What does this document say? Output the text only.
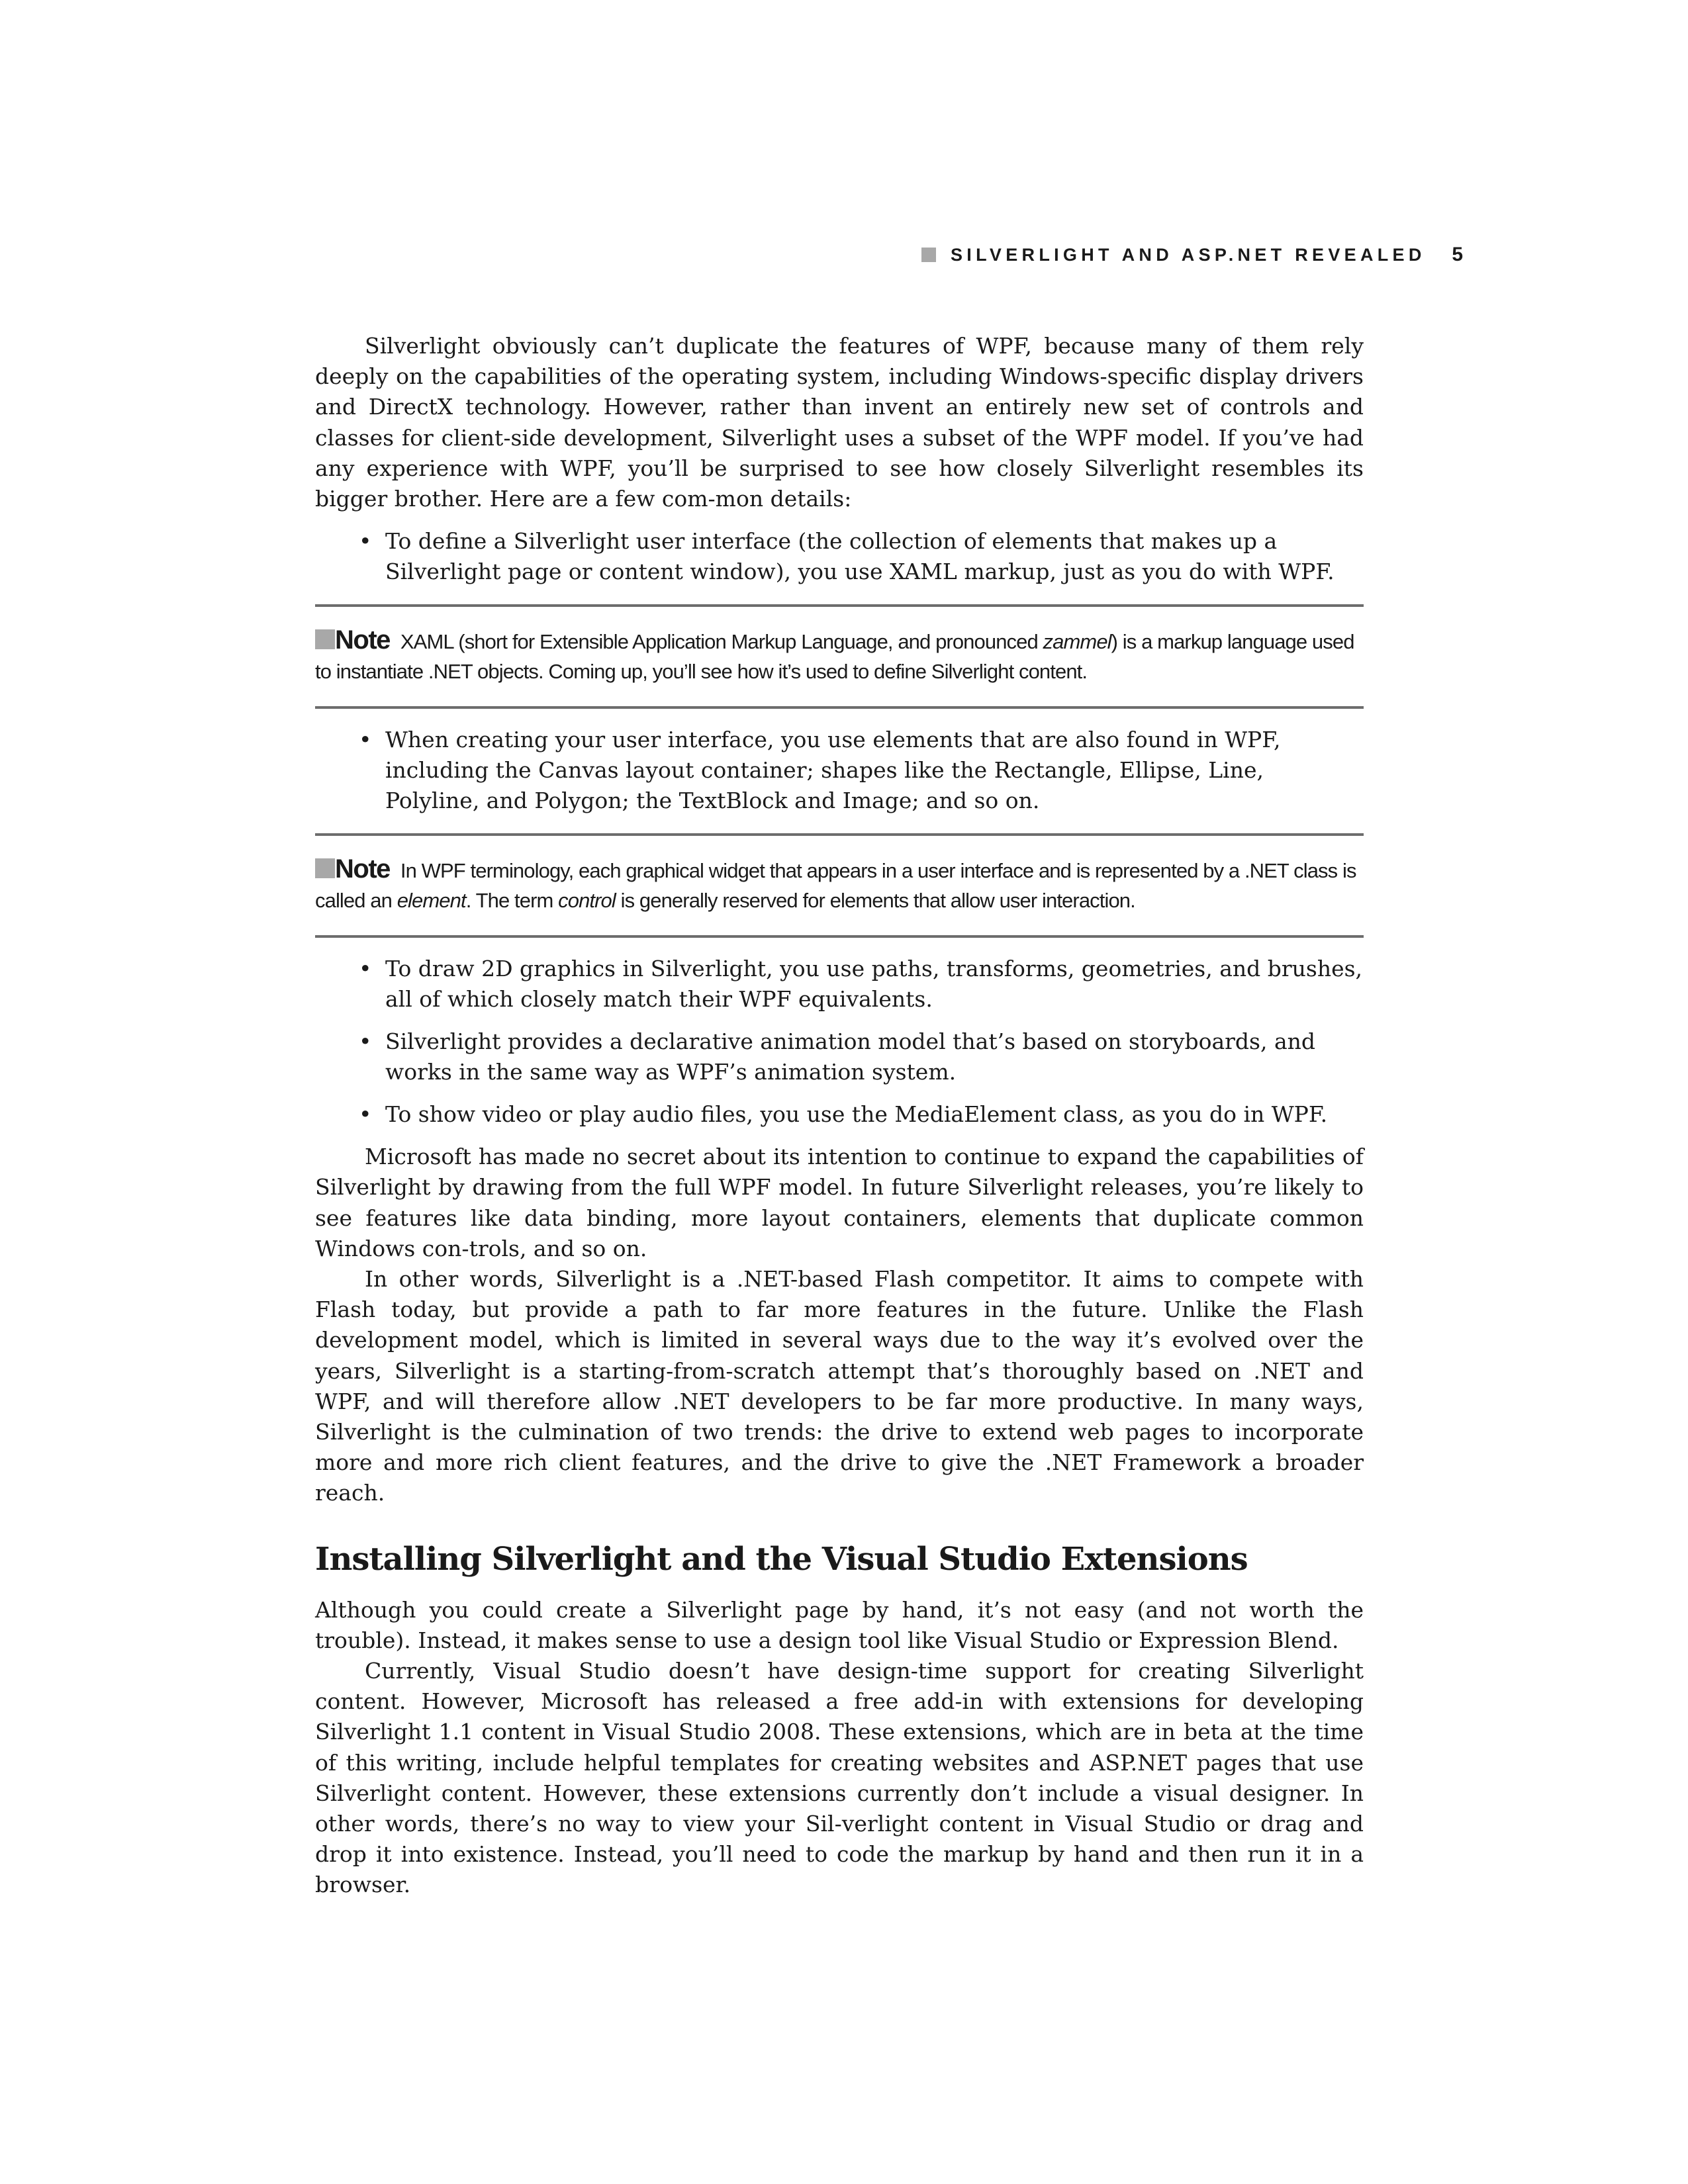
SILVERLIGHT AND ASP.NET REVEALED	5

Silverlight obviously can’t duplicate the features of WPF, because many of them rely deeply on the capabilities of the operating system, including Windows-specific display drivers and DirectX technology. However, rather than invent an entirely new set of controls and classes for client-side development, Silverlight uses a subset of the WPF model. If you’ve had any experience with WPF, you’ll be surprised to see how closely Silverlight resembles its bigger brother. Here are a few com-mon details:

• To define a Silverlight user interface (the collection of elements that makes up a Silverlight page or content window), you use XAML markup, just as you do with WPF.
Note XAML (short for Extensible Application Markup Language, and pronounced zammel) is a markup language used to instantiate .NET objects. Coming up, you’ll see how it’s used to define Silverlight content.
• When creating your user interface, you use elements that are also found in WPF, including the Canvas layout container; shapes like the Rectangle, Ellipse, Line, Polyline, and Polygon; the TextBlock and Image; and so on.
Note In WPF terminology, each graphical widget that appears in a user interface and is represented by a .NET class is called an element. The term control is generally reserved for elements that allow user interaction.
• To draw 2D graphics in Silverlight, you use paths, transforms, geometries, and brushes, all of which closely match their WPF equivalents.
• Silverlight provides a declarative animation model that’s based on storyboards, and works in the same way as WPF’s animation system.
• To show video or play audio files, you use the MediaElement class, as you do in WPF.

Microsoft has made no secret about its intention to continue to expand the capabilities of Silverlight by drawing from the full WPF model. In future Silverlight releases, you’re likely to see features like data binding, more layout containers, elements that duplicate common Windows con-trols, and so on.

In other words, Silverlight is a .NET-based Flash competitor. It aims to compete with Flash today, but provide a path to far more features in the future. Unlike the Flash development model, which is limited in several ways due to the way it’s evolved over the years, Silverlight is a starting-from-scratch attempt that’s thoroughly based on .NET and WPF, and will therefore allow .NET developers to be far more productive. In many ways, Silverlight is the culmination of two trends: the drive to extend web pages to incorporate more and more rich client features, and the drive to give the .NET Framework a broader reach.

Installing Silverlight and the Visual Studio Extensions

Although you could create a Silverlight page by hand, it’s not easy (and not worth the trouble). Instead, it makes sense to use a design tool like Visual Studio or Expression Blend.

Currently, Visual Studio doesn’t have design-time support for creating Silverlight content. However, Microsoft has released a free add-in with extensions for developing Silverlight 1.1 content in Visual Studio 2008. These extensions, which are in beta at the time of this writing, include helpful templates for creating websites and ASP.NET pages that use Silverlight content. However, these extensions currently don’t include a visual designer. In other words, there’s no way to view your Sil-verlight content in Visual Studio or drag and drop it into existence. Instead, you’ll need to code the markup by hand and then run it in a browser.
